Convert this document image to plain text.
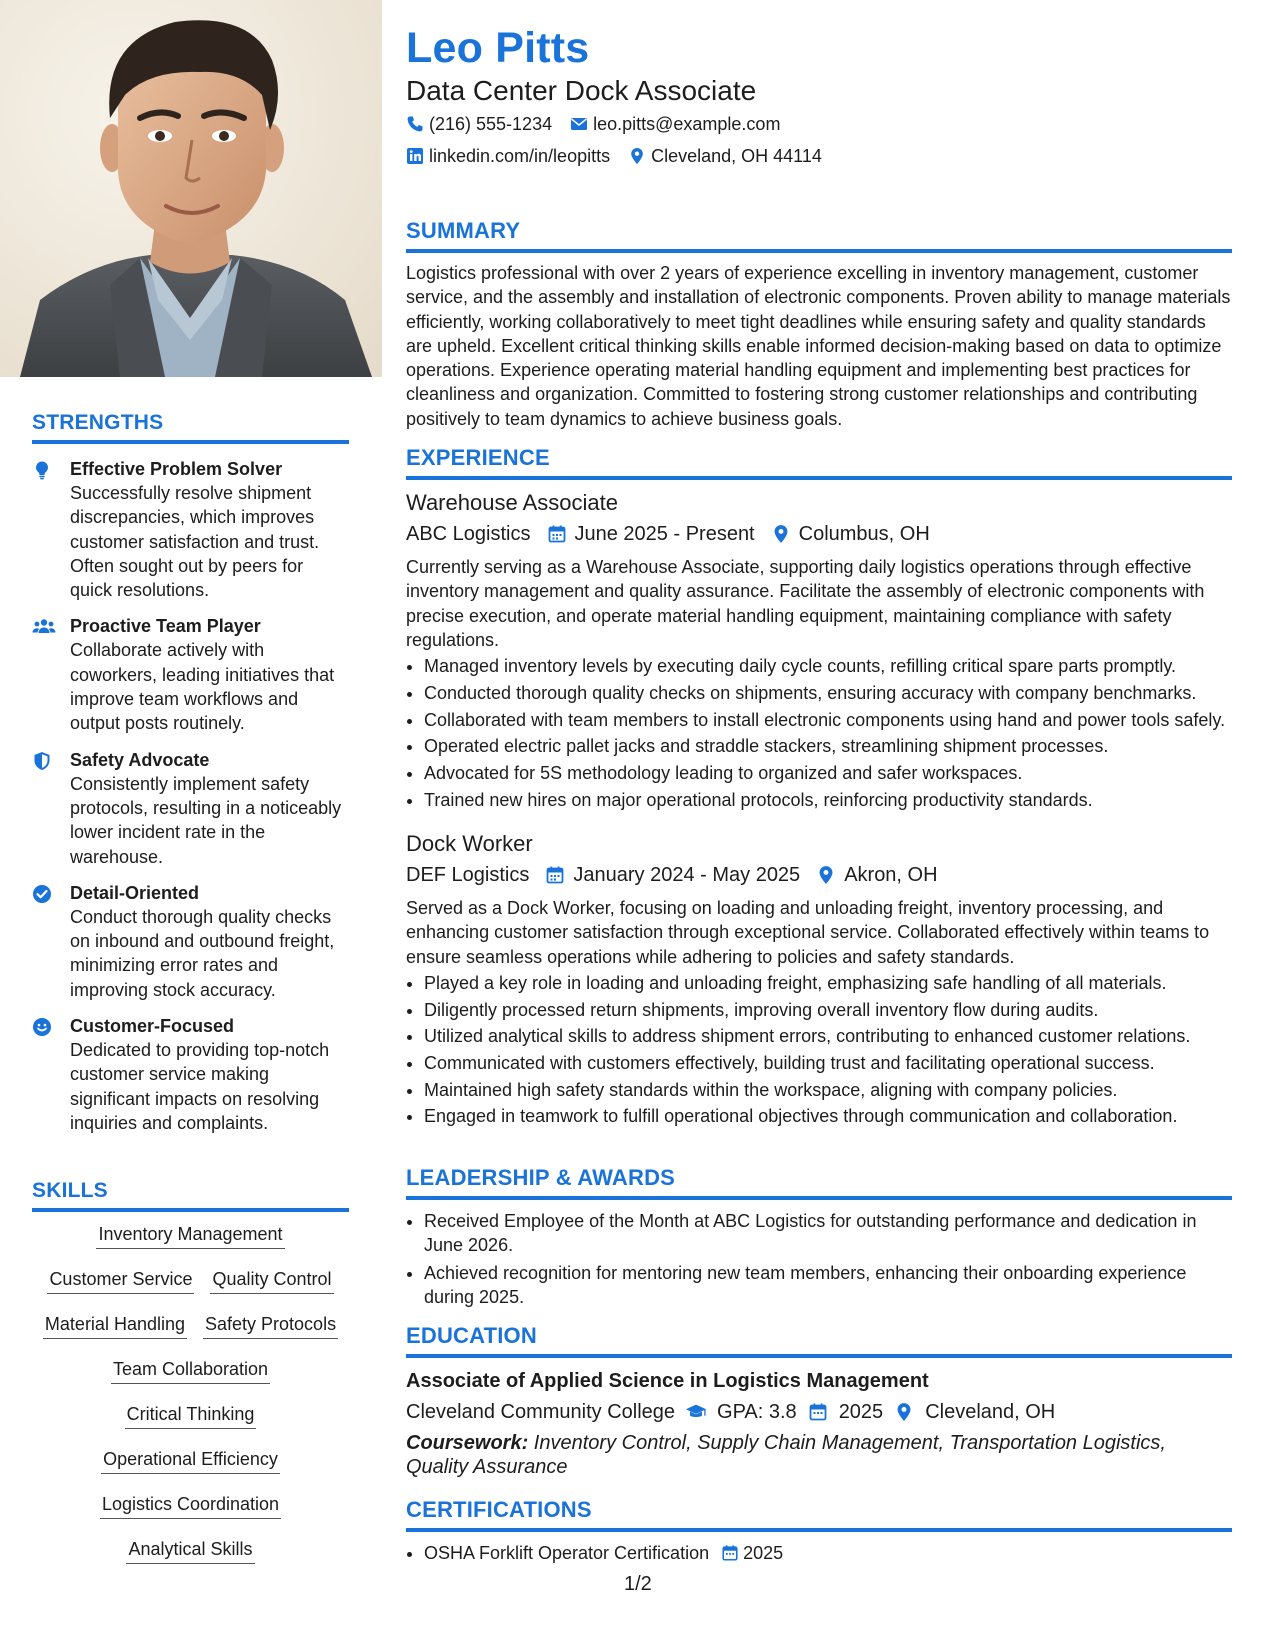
STRENGTHS
Effective Problem Solver
Successfully resolve shipment discrepancies, which improves customer satisfaction and trust. Often sought out by peers for quick resolutions.
Proactive Team Player
Collaborate actively with coworkers, leading initiatives that improve team workflows and output posts routinely.
Safety Advocate
Consistently implement safety protocols, resulting in a noticeably lower incident rate in the warehouse.
Detail-Oriented
Conduct thorough quality checks on inbound and outbound freight, minimizing error rates and improving stock accuracy.
Customer-Focused
Dedicated to providing top-notch customer service making significant impacts on resolving inquiries and complaints.
SKILLS
Inventory Management
Customer Service Quality Control
Material Handling Safety Protocols
Team Collaboration
Critical Thinking
Operational Efficiency
Logistics Coordination
Analytical Skills
Leo Pitts
Data Center Dock Associate
(216) 555-1234 leo.pitts@example.com
linkedin.com/in/leopitts Cleveland, OH 44114
SUMMARY

Logistics professional with over 2 years of experience excelling in inventory management, customer service, and the assembly and installation of electronic components. Proven ability to manage materials efficiently, working collaboratively to meet tight deadlines while ensuring safety and quality standards are upheld. Excellent critical thinking skills enable informed decision-making based on data to optimize operations. Experience operating material handling equipment and implementing best practices for cleanliness and organization. Committed to fostering strong customer relationships and contributing positively to team dynamics to achieve business goals.

EXPERIENCE
Warehouse Associate
ABC Logistics June 2025 - Present Columbus, OH

Currently serving as a Warehouse Associate, supporting daily logistics operations through effective inventory management and quality assurance. Facilitate the assembly of electronic components with precise execution, and operate material handling equipment, maintaining compliance with safety regulations.

• Managed inventory levels by executing daily cycle counts, refilling critical spare parts promptly.
• Conducted thorough quality checks on shipments, ensuring accuracy with company benchmarks.
• Collaborated with team members to install electronic components using hand and power tools safely.
• Operated electric pallet jacks and straddle stackers, streamlining shipment processes.
• Advocated for 5S methodology leading to organized and safer workspaces.
• Trained new hires on major operational protocols, reinforcing productivity standards.
Dock Worker
DEF Logistics January 2024 - May 2025 Akron, OH

Served as a Dock Worker, focusing on loading and unloading freight, inventory processing, and enhancing customer satisfaction through exceptional service. Collaborated effectively within teams to ensure seamless operations while adhering to policies and safety standards.

• Played a key role in loading and unloading freight, emphasizing safe handling of all materials.
• Diligently processed return shipments, improving overall inventory flow during audits.
• Utilized analytical skills to address shipment errors, contributing to enhanced customer relations.
• Communicated with customers effectively, building trust and facilitating operational success.
• Maintained high safety standards within the workspace, aligning with company policies.
• Engaged in teamwork to fulfill operational objectives through communication and collaboration.
LEADERSHIP & AWARDS
• Received Employee of the Month at ABC Logistics for outstanding performance and dedication in June 2026.
• Achieved recognition for mentoring new team members, enhancing their onboarding experience during 2025.
EDUCATION
Associate of Applied Science in Logistics Management
Cleveland Community College GPA: 3.8 2025 Cleveland, OH
Coursework: Inventory Control, Supply Chain Management, Transportation Logistics, Quality Assurance
CERTIFICATIONS
• OSHA Forklift Operator Certification 2025
1/2
